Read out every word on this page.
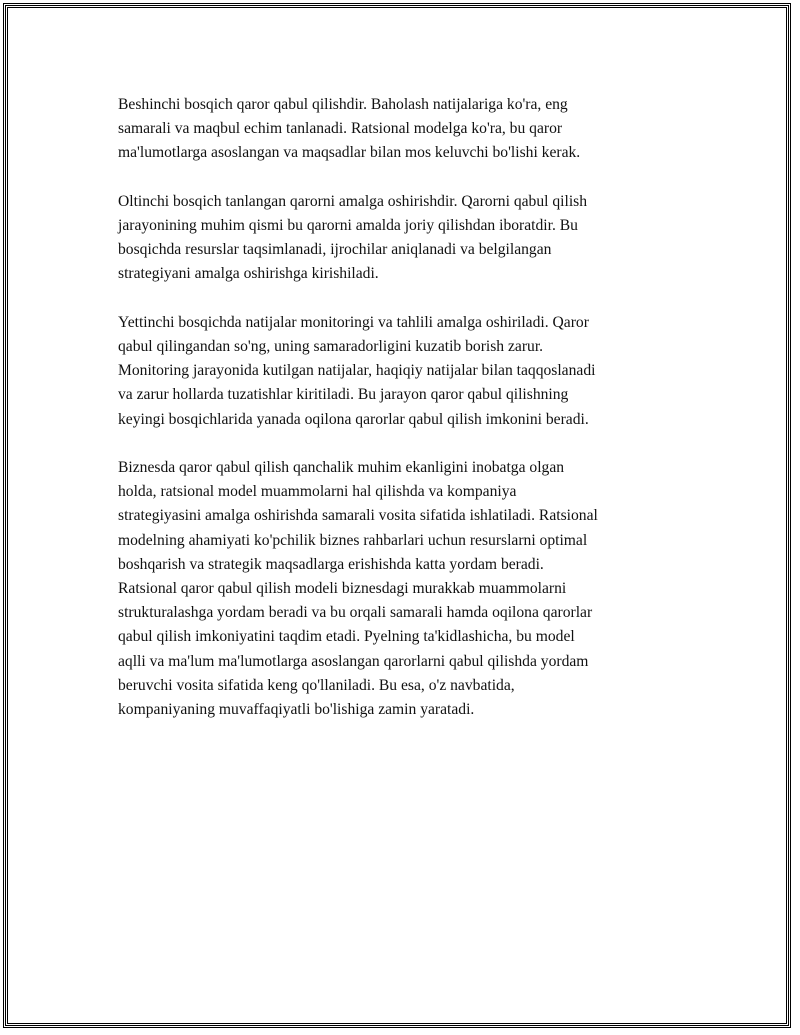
Beshinchi bosqich qaror qabul qilishdir. Baholash natijalariga ko'ra, eng
samarali va maqbul echim tanlanadi. Ratsional modelga ko'ra, bu qaror
ma'lumotlarga asoslangan va maqsadlar bilan mos keluvchi bo'lishi kerak.

Oltinchi bosqich tanlangan qarorni amalga oshirishdir. Qarorni qabul qilish
jarayonining muhim qismi bu qarorni amalda joriy qilishdan iboratdir. Bu
bosqichda resurslar taqsimlanadi, ijrochilar aniqlanadi va belgilangan
strategiyani amalga oshirishga kirishiladi.

Yettinchi bosqichda natijalar monitoringi va tahlili amalga oshiriladi. Qaror
qabul qilingandan so'ng, uning samaradorligini kuzatib borish zarur.
Monitoring jarayonida kutilgan natijalar, haqiqiy natijalar bilan taqqoslanadi
va zarur hollarda tuzatishlar kiritiladi. Bu jarayon qaror qabul qilishning
keyingi bosqichlarida yanada oqilona qarorlar qabul qilish imkonini beradi.

Biznesda qaror qabul qilish qanchalik muhim ekanligini inobatga olgan
holda, ratsional model muammolarni hal qilishda va kompaniya
strategiyasini amalga oshirishda samarali vosita sifatida ishlatiladi. Ratsional
modelning ahamiyati ko'pchilik biznes rahbarlari uchun resurslarni optimal
boshqarish va strategik maqsadlarga erishishda katta yordam beradi.
Ratsional qaror qabul qilish modeli biznesdagi murakkab muammolarni
strukturalashga yordam beradi va bu orqali samarali hamda oqilona qarorlar
qabul qilish imkoniyatini taqdim etadi. Pyelning ta'kidlashicha, bu model
aqlli va ma'lum ma'lumotlarga asoslangan qarorlarni qabul qilishda yordam
beruvchi vosita sifatida keng qo'llaniladi. Bu esa, o'z navbatida,
kompaniyaning muvaffaqiyatli bo'lishiga zamin yaratadi.
